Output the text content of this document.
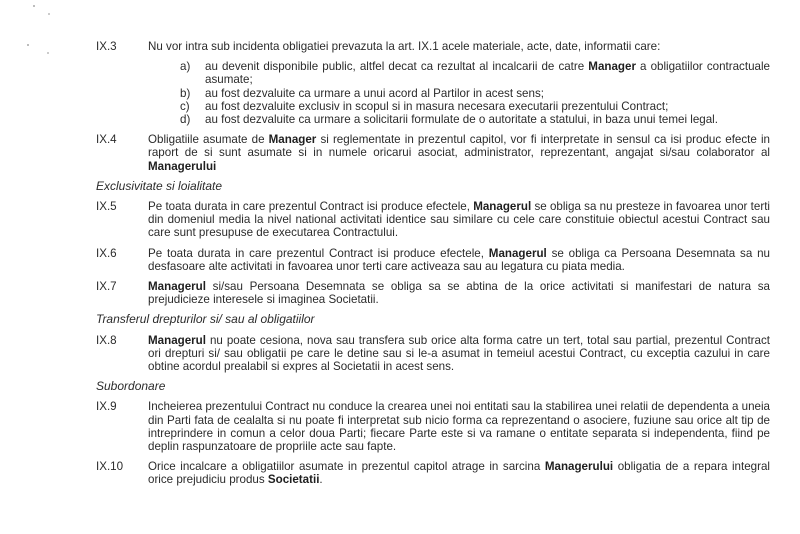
IX.3	Nu vor intra sub incidenta obligatiei prevazuta la art. IX.1 acele materiale, acte, date, informatii care:

a)	au devenit disponibile public, altfel decat ca rezultat al incalcarii de catre Manager a obligatiilor contractuale asumate;

b)	au fost dezvaluite ca urmare a unui acord al Partilor in acest sens;

c)	au fost dezvaluite exclusiv in scopul si in masura necesara executarii prezentului Contract;

d)	au fost dezvaluite ca urmare a solicitarii formulate de o autoritate a statului, in baza unui temei legal.

IX.4	Obligatiile asumate de Manager si reglementate in prezentul capitol, vor fi interpretate in sensul ca isi produc efecte in raport de si sunt asumate si in numele oricarui asociat, administrator, reprezentant, angajat si/sau colaborator al Managerului

Exclusivitate si loialitate

IX.5	Pe toata durata in care prezentul Contract isi produce efectele, Managerul se obliga sa nu presteze in favoarea unor terti din domeniul media la nivel national activitati identice sau similare cu cele care constituie obiectul acestui Contract sau care sunt presupuse de executarea Contractului.

IX.6	Pe toata durata in care prezentul Contract isi produce efectele, Managerul se obliga ca Persoana Desemnata sa nu desfasoare alte activitati in favoarea unor terti care activeaza sau au legatura cu piata media.

IX.7	Managerul si/sau Persoana Desemnata se obliga sa se abtina de la orice activitati si manifestari de natura sa prejudicieze interesele si imaginea Societatii.

Transferul drepturilor si/ sau al obligatiilor

IX.8	Managerul nu poate cesiona, nova sau transfera sub orice alta forma catre un tert, total sau partial, prezentul Contract ori drepturi si/ sau obligatii pe care le detine sau si le-a asumat in temeiul acestui Contract, cu exceptia cazului in care obtine acordul prealabil si expres al Societatii in acest sens.

Subordonare

IX.9	Incheierea prezentului Contract nu conduce la crearea unei noi entitati sau la stabilirea unei relatii de dependenta a uneia din Parti fata de cealalta si nu poate fi interpretat sub nicio forma ca reprezentand o asociere, fuziune sau orice alt tip de intreprindere in comun a celor doua Parti; fiecare Parte este si va ramane o entitate separata si independenta, fiind pe deplin raspunzatoare de propriile acte sau fapte.

IX.10	Orice incalcare a obligatiilor asumate in prezentul capitol atrage in sarcina Managerului obligatia de a repara integral orice prejudiciu produs Societatii.
